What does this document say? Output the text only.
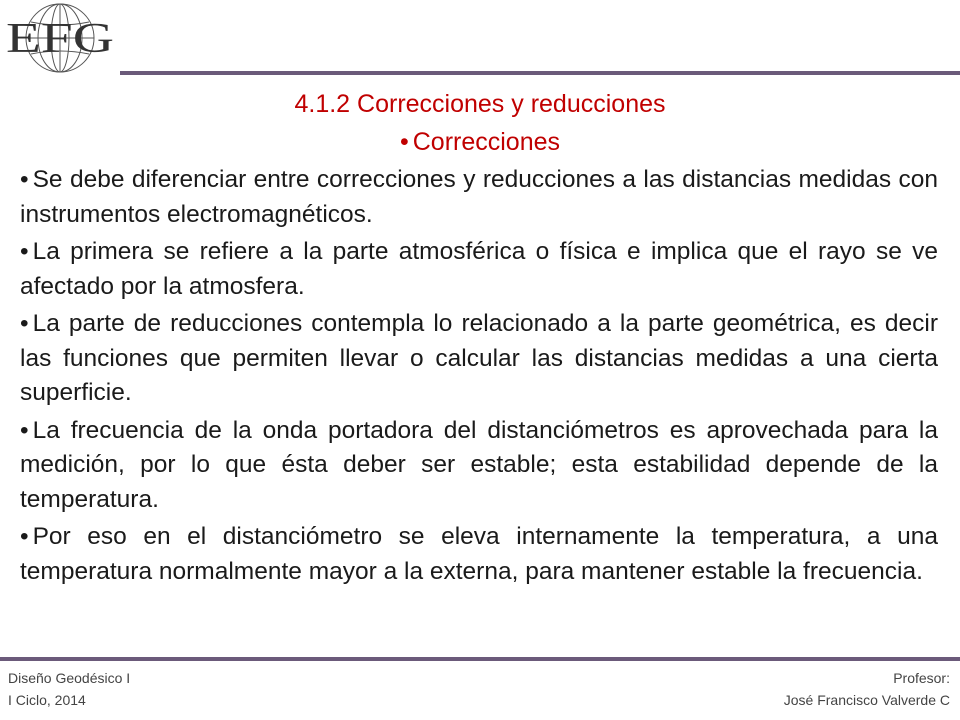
EFG
4.1.2 Correcciones y reducciones
• Correcciones
• Se debe diferenciar entre correcciones y reducciones a las distancias medidas con instrumentos electromagnéticos.
• La primera se refiere a la parte atmosférica o física e implica que el rayo se ve afectado por la atmosfera.
• La parte de reducciones contempla lo relacionado a la parte geométrica, es decir las funciones que permiten llevar o calcular las distancias medidas a una cierta superficie.
• La frecuencia de la onda portadora del distanciómetros es aprovechada para la medición, por lo que ésta deber ser estable; esta estabilidad depende de la temperatura.
• Por eso en el distanciómetro se eleva internamente la temperatura, a una temperatura normalmente mayor a la externa, para mantener estable la frecuencia.
Diseño Geodésico I
I Ciclo, 2014
Profesor:
José Francisco Valverde C
